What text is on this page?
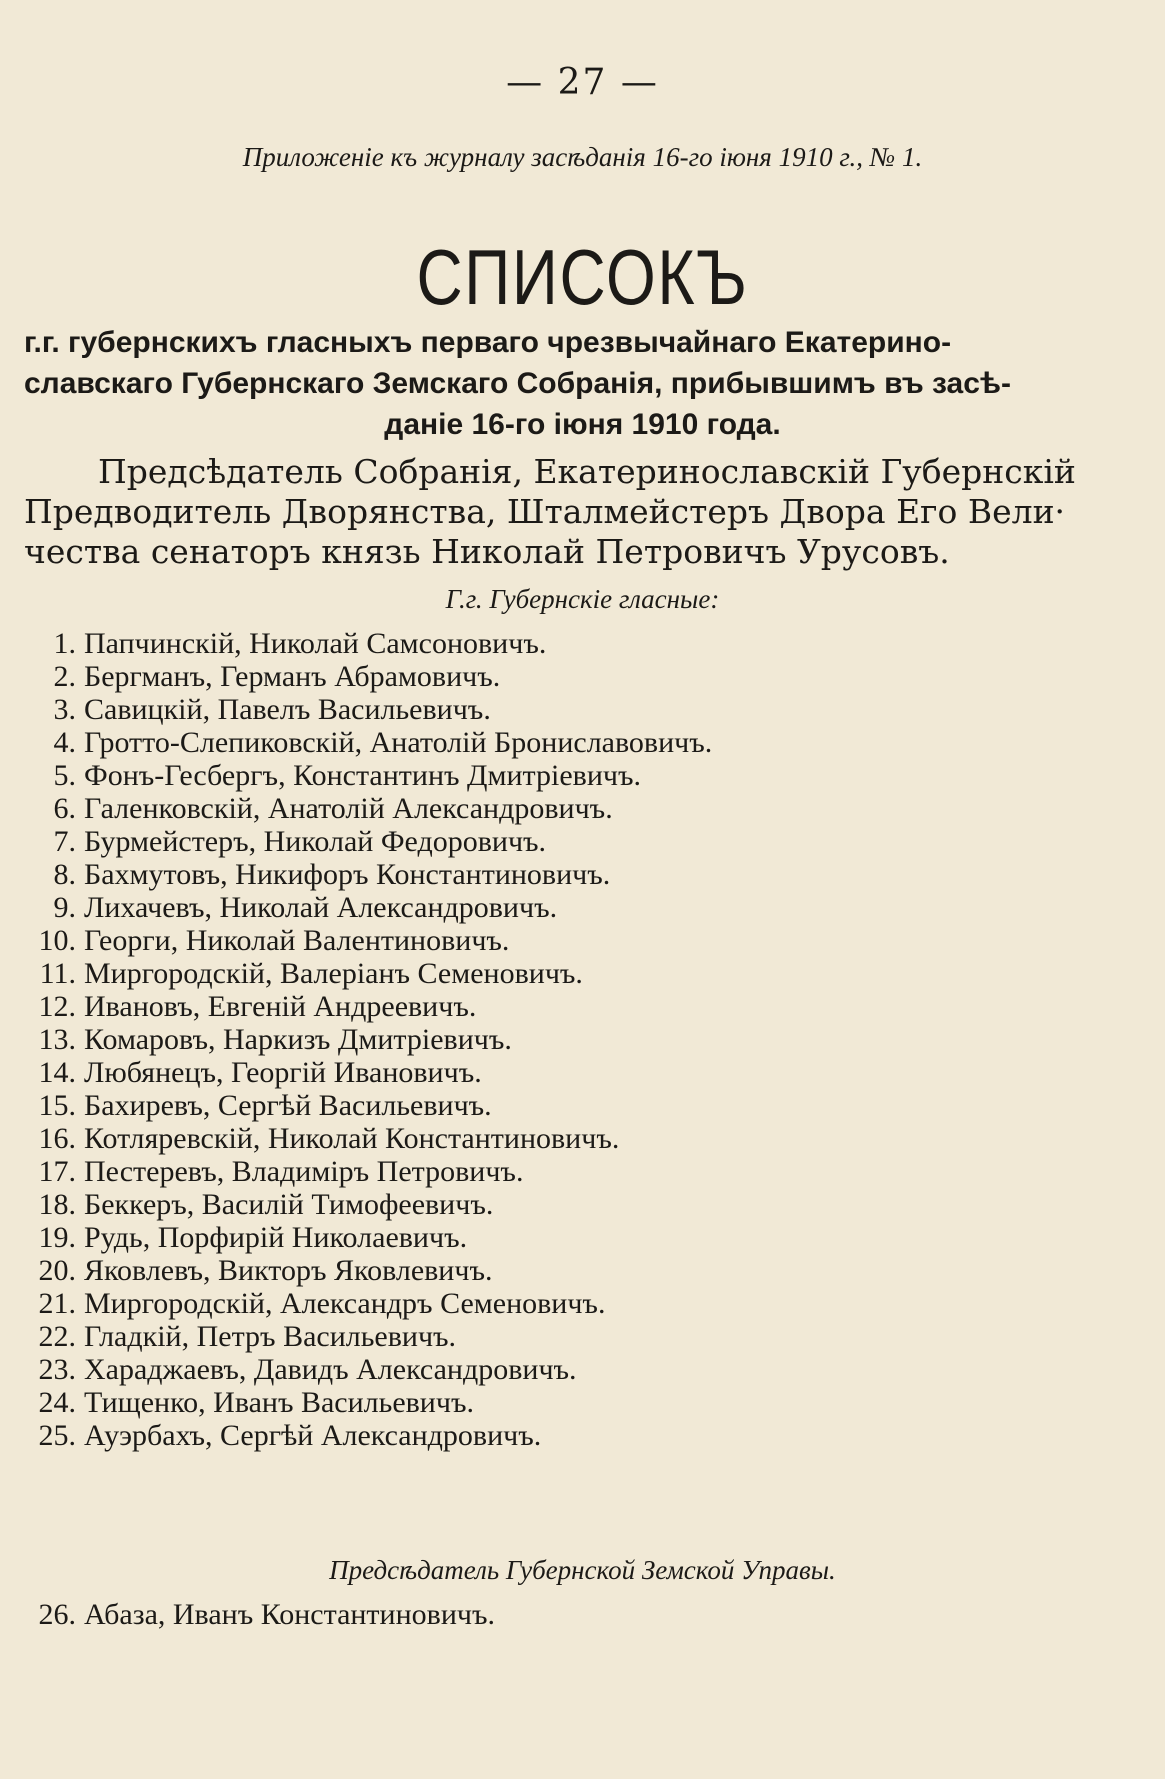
— 27 —
Приложеніе къ журналу засѣданія 16-го іюня 1910 г., № 1.
СПИСОКЪ
г.г. губернскихъ гласныхъ перваго чрезвычайнаго Екатерино-
славскаго Губернскаго Земскаго Собранія, прибывшимъ въ засѣ-
даніе 16-го іюня 1910 года.
Предсѣдатель Собранія, Екатеринославскій Губернскій
Предводитель Дворянства, Шталмейстеръ Двора Его Вели·
чества сенаторъ князь Николай Петровичъ Урусовъ.
Г.г. Губернскіе гласные:
1. Папчинскій, Николай Самсоновичъ.
2. Бергманъ, Германъ Абрамовичъ.
3. Савицкій, Павелъ Васильевичъ.
4. Гротто-Слепиковскій, Анатолій Брониславовичъ.
5. Фонъ-Гесбергъ, Константинъ Дмитріевичъ.
6. Галенковскій, Анатолій Александровичъ.
7. Бурмейстеръ, Николай Федоровичъ.
8. Бахмутовъ, Никифоръ Константиновичъ.
9. Лихачевъ, Николай Александровичъ.
10. Георги, Николай Валентиновичъ.
11. Миргородскій, Валеріанъ Семеновичъ.
12. Ивановъ, Евгеній Андреевичъ.
13. Комаровъ, Наркизъ Дмитріевичъ.
14. Любянецъ, Георгій Ивановичъ.
15. Бахиревъ, Сергѣй Васильевичъ.
16. Котляревскій, Николай Константиновичъ.
17. Пестеревъ, Владиміръ Петровичъ.
18. Беккеръ, Василій Тимофеевичъ.
19. Рудь, Порфирій Николаевичъ.
20. Яковлевъ, Викторъ Яковлевичъ.
21. Миргородскій, Александръ Семеновичъ.
22. Гладкій, Петръ Васильевичъ.
23. Хараджаевъ, Давидъ Александровичъ.
24. Тищенко, Иванъ Васильевичъ.
25. Ауэрбахъ, Сергѣй Александровичъ.
Предсѣдатель Губернской Земской Управы.
26. Абаза, Иванъ Константиновичъ.
